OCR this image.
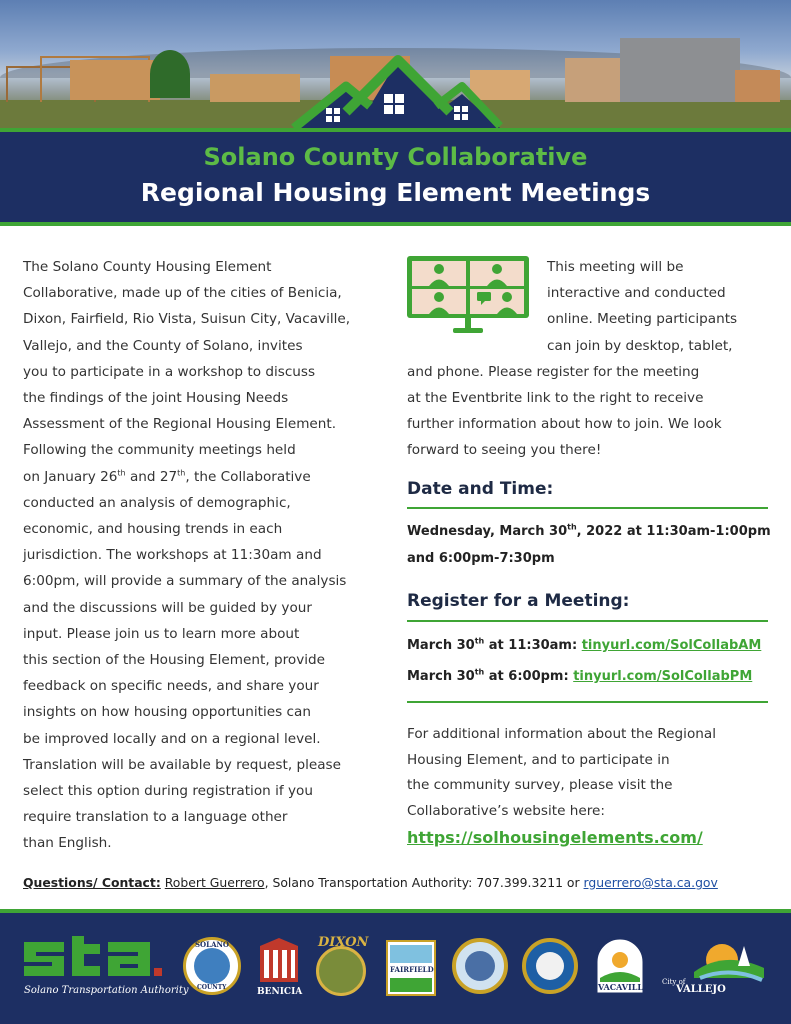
Solano County Collaborative
Regional Housing Element Meetings
The Solano County Housing Element
Collaborative, made up of the cities of Benicia,
Dixon, Fairfield, Rio Vista, Suisun City, Vacaville,
Vallejo, and the County of Solano, invites
you to participate in a workshop to discuss
the findings of the joint Housing Needs
Assessment of the Regional Housing Element.
Following the community meetings held
on January 26th and 27th, the Collaborative
conducted an analysis of demographic,
economic, and housing trends in each
jurisdiction. The workshops at 11:30am and
6:00pm, will provide a summary of the analysis
and the discussions will be guided by your
input. Please join us to learn more about
this section of the Housing Element, provide
feedback on specific needs, and share your
insights on how housing opportunities can
be improved locally and on a regional level.
Translation will be available by request, please
select this option during registration if you
require translation to a language other
than English.
This meeting will be
interactive and conducted
online. Meeting participants
can join by desktop, tablet,
and phone. Please register for the meeting
at the Eventbrite link to the right to receive
further information about how to join. We look
forward to seeing you there!
Date and Time:
Wednesday, March 30th, 2022 at 11:30am-1:00pm
and 6:00pm-7:30pm
Register for a Meeting:
March 30th at 11:30am: tinyurl.com/SolCollabAM
March 30th at 6:00pm: tinyurl.com/SolCollabPM
For additional information about the Regional
Housing Element, and to participate in
the community survey, please visit the
Collaborative’s website here:
https://solhousingelements.com/
Questions/ Contact: Robert Guerrero, Solano Transportation Authority: 707.399.3211 or rguerrero@sta.ca.gov
Solano Transportation Authority
SOLANO
COUNTY	BENICIA
DIXON
FAIRFIELD
VACAVILLE City of
VALLEJO
